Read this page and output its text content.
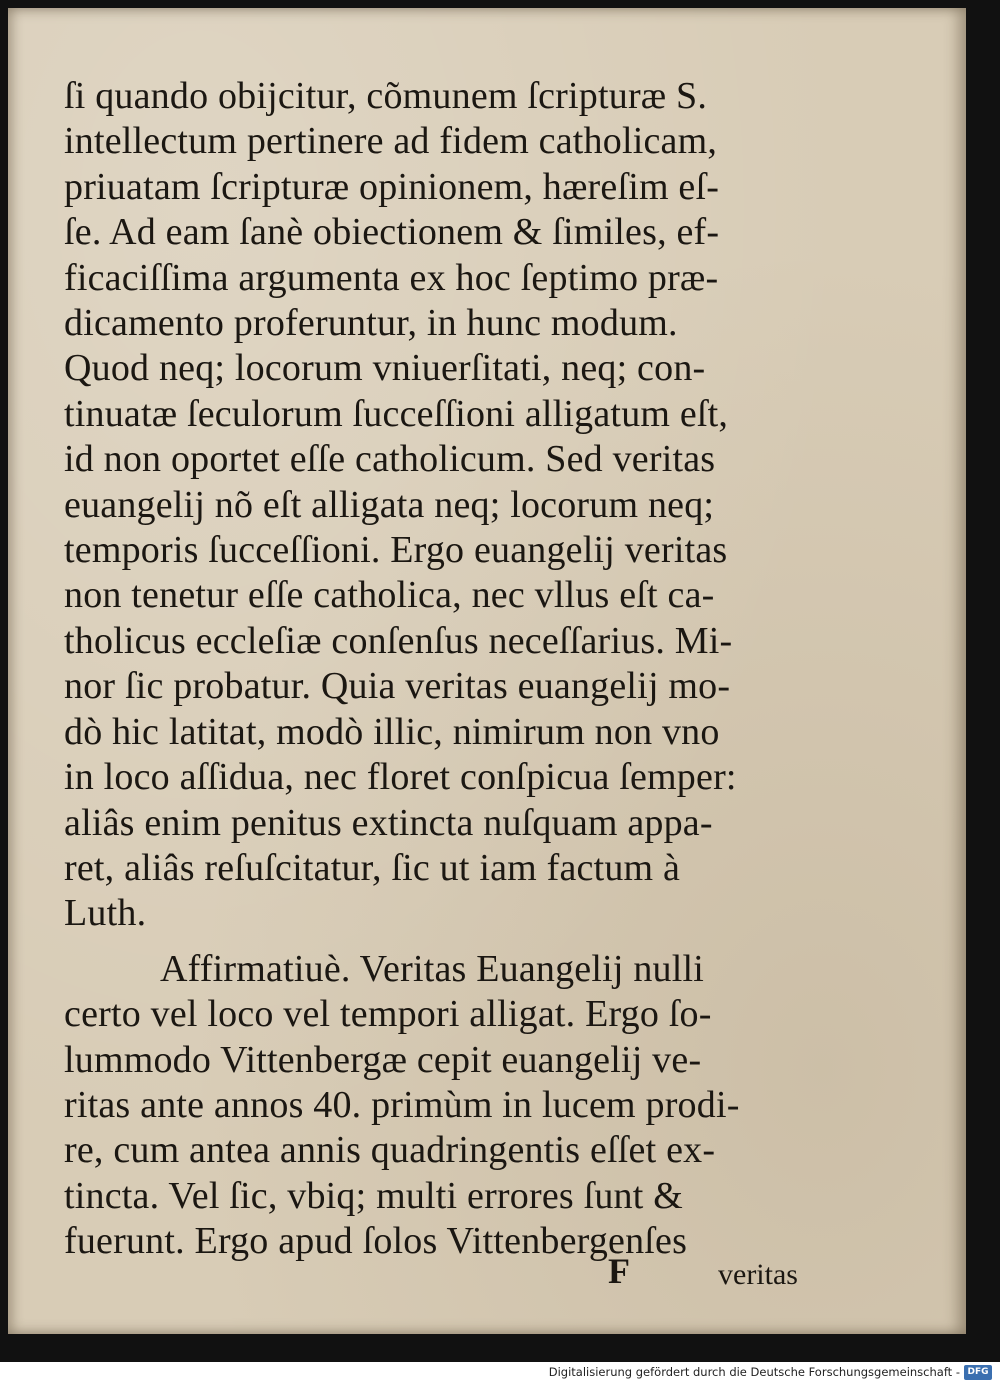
ſi quando obijcitur, cõmunem ſcripturæ S.
intellectum pertinere ad fidem catholicam,
priuatam ſcripturæ opinionem, hæreſim eſ-
ſe. Ad eam ſanè obiectionem & ſimiles, ef-
ficaciſſima argumenta ex hoc ſeptimo præ-
dicamento proferuntur, in hunc modum.
Quod neq; locorum vniuerſitati, neq; con-
tinuatæ ſeculorum ſucceſſioni alligatum eſt,
id non oportet eſſe catholicum. Sed veritas
euangelij nõ eſt alligata neq; locorum neq;
temporis ſucceſſioni. Ergo euangelij veritas
non tenetur eſſe catholica, nec vllus eſt ca-
tholicus eccleſiæ conſenſus neceſſarius. Mi-
nor ſic probatur. Quia veritas euangelij mo-
dò hic latitat, modò illic, nimirum non vno
in loco aſſidua, nec floret conſpicua ſemper:
aliâs enim penitus extincta nuſquam appa-
ret, aliâs reſuſcitatur, ſic ut iam factum à
Luth.
Affirmatiuè. Veritas Euangelij nulli
certo vel loco vel tempori alligat. Ergo ſo-
lummodo Vittenbergæ cepit euangelij ve-
ritas ante annos 40. primùm in lucem prodi-
re, cum antea annis quadringentis eſſet ex-
tincta. Vel ſic, vbiq; multi errores ſunt &
fuerunt. Ergo apud ſolos Vittenbergenſes
F	veritas
Digitalisierung gefördert durch die Deutsche Forschungsgemeinschaft - DFG
